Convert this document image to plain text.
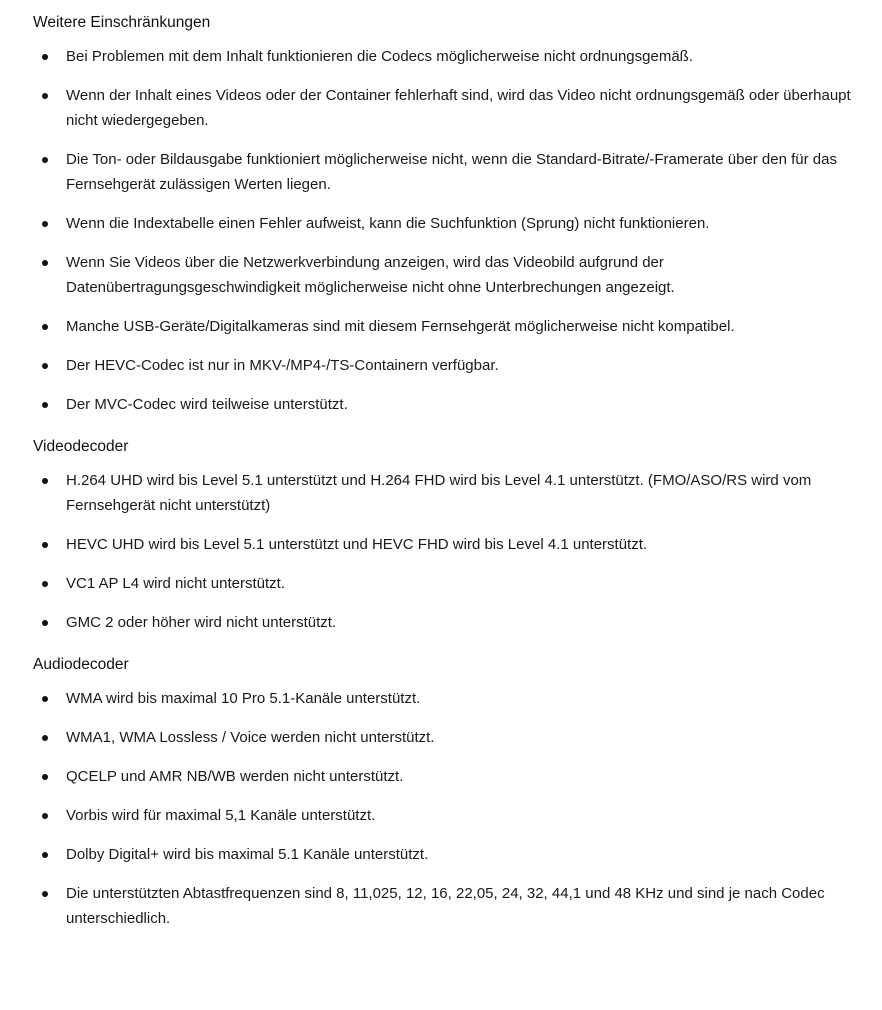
Weitere Einschränkungen
Bei Problemen mit dem Inhalt funktionieren die Codecs möglicherweise nicht ordnungsgemäß.
Wenn der Inhalt eines Videos oder der Container fehlerhaft sind, wird das Video nicht ordnungsgemäß oder überhaupt nicht wiedergegeben.
Die Ton- oder Bildausgabe funktioniert möglicherweise nicht, wenn die Standard-Bitrate/-Framerate über den für das Fernsehgerät zulässigen Werten liegen.
Wenn die Indextabelle einen Fehler aufweist, kann die Suchfunktion (Sprung) nicht funktionieren.
Wenn Sie Videos über die Netzwerkverbindung anzeigen, wird das Videobild aufgrund der Datenübertragungsgeschwindigkeit möglicherweise nicht ohne Unterbrechungen angezeigt.
Manche USB-Geräte/Digitalkameras sind mit diesem Fernsehgerät möglicherweise nicht kompatibel.
Der HEVC-Codec ist nur in MKV-/MP4-/TS-Containern verfügbar.
Der MVC-Codec wird teilweise unterstützt.
Videodecoder
H.264 UHD wird bis Level 5.1 unterstützt und H.264 FHD wird bis Level 4.1 unterstützt. (FMO/ASO/RS wird vom Fernsehgerät nicht unterstützt)
HEVC UHD wird bis Level 5.1 unterstützt und HEVC FHD wird bis Level 4.1 unterstützt.
VC1 AP L4 wird nicht unterstützt.
GMC 2 oder höher wird nicht unterstützt.
Audiodecoder
WMA wird bis maximal 10 Pro 5.1-Kanäle unterstützt.
WMA1, WMA Lossless / Voice werden nicht unterstützt.
QCELP und AMR NB/WB werden nicht unterstützt.
Vorbis wird für maximal 5,1 Kanäle unterstützt.
Dolby Digital+ wird bis maximal 5.1 Kanäle unterstützt.
Die unterstützten Abtastfrequenzen sind 8, 11,025, 12, 16, 22,05, 24, 32, 44,1 und 48 KHz und sind je nach Codec unterschiedlich.
